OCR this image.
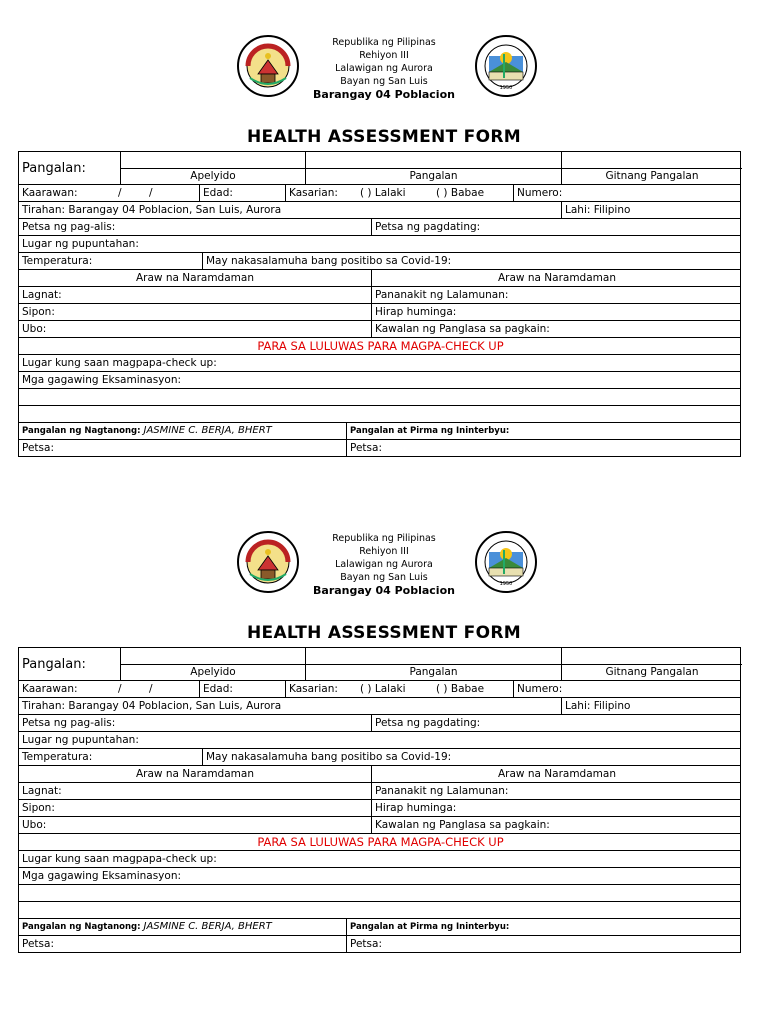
Republika ng Pilipinas
Rehiyon III
Lalawigan ng Aurora
Bayan ng San Luis
Barangay 04 Poblacion	1950
HEALTH ASSESSMENT FORM
Pangalan:	Apelyido	Pangalan	Gitnang Pangalan
Kaarawan:	/	/	Edad:	Kasarian: ( ) Lalaki	( ) Babae	Numero:
Tirahan: Barangay 04 Poblacion, San Luis, Aurora	Lahi: Filipino
Petsa ng pag-alis:	Petsa ng pagdating:
Lugar ng pupuntahan:
Temperatura:	May nakasalamuha bang positibo sa Covid-19:
Araw na Naramdaman	Araw na Naramdaman
Lagnat:	Pananakit ng Lalamunan:
Sipon:	Hirap huminga:
Ubo:	Kawalan ng Panglasa sa pagkain:
PARA SA LULUWAS PARA MAGPA-CHECK UP
Lugar kung saan magpapa-check up:
Mga gagawing Eksaminasyon:
Pangalan ng Nagtanong: JASMINE C. BERJA, BHERT	Pangalan at Pirma ng Ininterbyu:
Petsa:	Petsa:
Republika ng Pilipinas
Rehiyon III
Lalawigan ng Aurora
Bayan ng San Luis
Barangay 04 Poblacion	1950
HEALTH ASSESSMENT FORM
Pangalan:	Apelyido	Pangalan	Gitnang Pangalan
Kaarawan:	/	/	Edad:	Kasarian: ( ) Lalaki	( ) Babae	Numero:
Tirahan: Barangay 04 Poblacion, San Luis, Aurora	Lahi: Filipino
Petsa ng pag-alis:	Petsa ng pagdating:
Lugar ng pupuntahan:
Temperatura:	May nakasalamuha bang positibo sa Covid-19:
Araw na Naramdaman	Araw na Naramdaman
Lagnat:	Pananakit ng Lalamunan:
Sipon:	Hirap huminga:
Ubo:	Kawalan ng Panglasa sa pagkain:
PARA SA LULUWAS PARA MAGPA-CHECK UP
Lugar kung saan magpapa-check up:
Mga gagawing Eksaminasyon:
Pangalan ng Nagtanong: JASMINE C. BERJA, BHERT	Pangalan at Pirma ng Ininterbyu:
Petsa:	Petsa:
